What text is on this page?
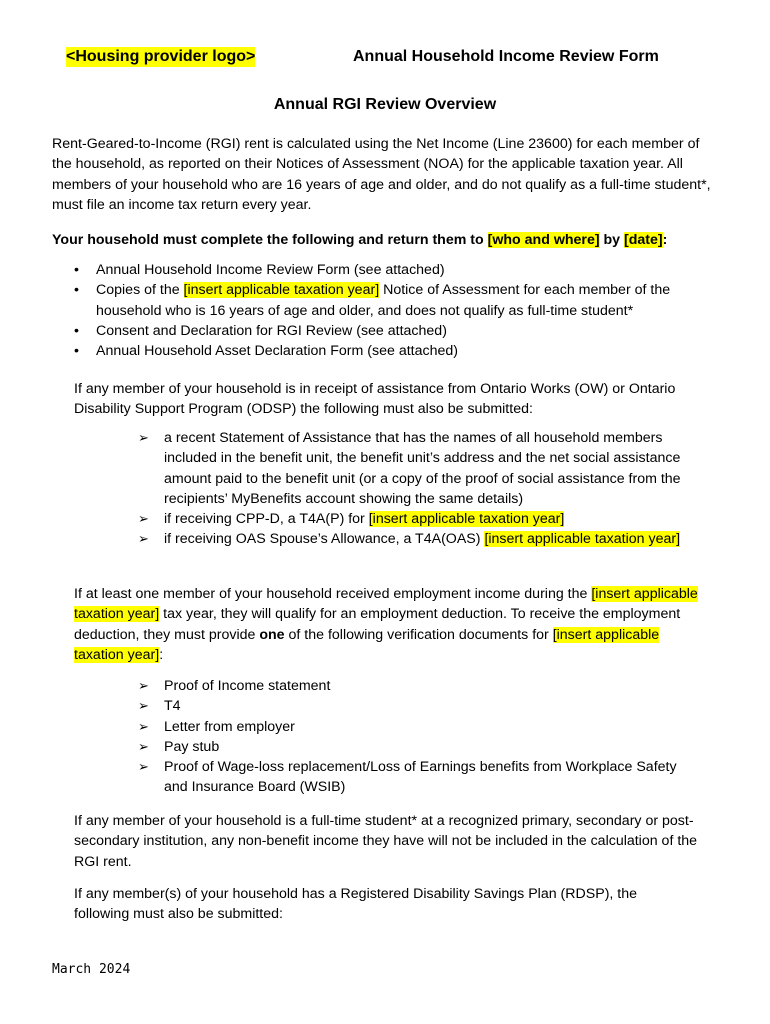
<Housing provider logo>	Annual Household Income Review Form
Annual RGI Review Overview
Rent-Geared-to-Income (RGI) rent is calculated using the Net Income (Line 23600) for each member of the household, as reported on their Notices of Assessment (NOA) for the applicable taxation year. All members of your household who are 16 years of age and older, and do not qualify as a full-time student*, must file an income tax return every year.
Your household must complete the following and return them to [who and where] by [date]:
• Annual Household Income Review Form (see attached)
• Copies of the [insert applicable taxation year] Notice of Assessment for each member of the household who is 16 years of age and older, and does not qualify as full-time student*
• Consent and Declaration for RGI Review (see attached)
• Annual Household Asset Declaration Form (see attached)
If any member of your household is in receipt of assistance from Ontario Works (OW) or Ontario Disability Support Program (ODSP) the following must also be submitted:
➢ a recent Statement of Assistance that has the names of all household members included in the benefit unit, the benefit unit’s address and the net social assistance amount paid to the benefit unit (or a copy of the proof of social assistance from the recipients’ MyBenefits account showing the same details)
➢ if receiving CPP-D, a T4A(P) for [insert applicable taxation year]
➢ if receiving OAS Spouse’s Allowance, a T4A(OAS) [insert applicable taxation year]
If at least one member of your household received employment income during the [insert applicable taxation year] tax year, they will qualify for an employment deduction. To receive the employment deduction, they must provide one of the following verification documents for [insert applicable taxation year]:
➢ Proof of Income statement
➢ T4
➢ Letter from employer
➢ Pay stub
➢ Proof of Wage-loss replacement/Loss of Earnings benefits from Workplace Safety and Insurance Board (WSIB)
If any member of your household is a full-time student* at a recognized primary, secondary or post-secondary institution, any non-benefit income they have will not be included in the calculation of the RGI rent.
If any member(s) of your household has a Registered Disability Savings Plan (RDSP), the following must also be submitted:
March 2024
